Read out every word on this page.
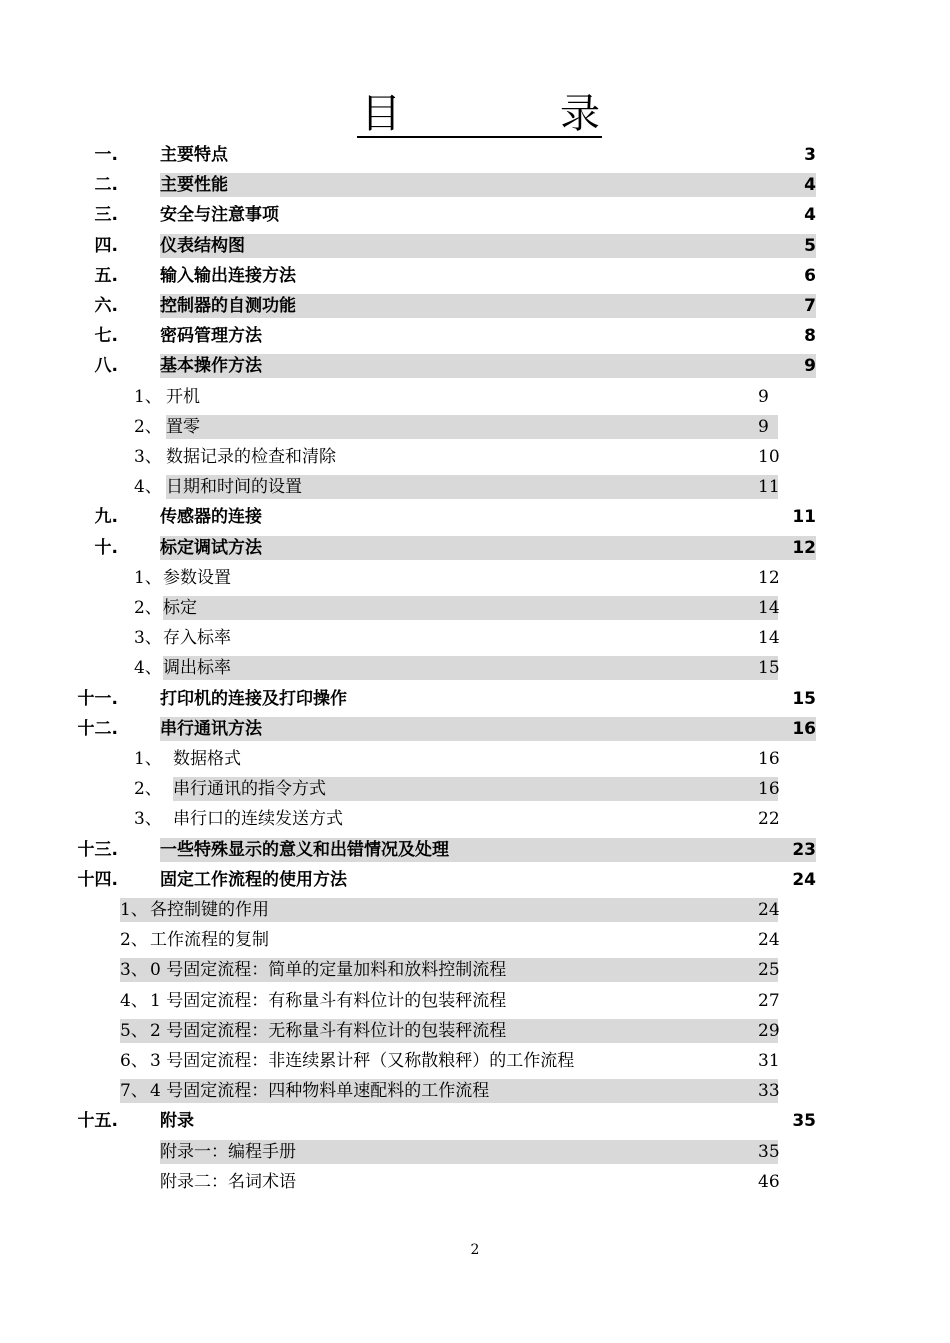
目	录
一. 主要特点	3
二. 主要性能	4
三. 安全与注意事项	4
四. 仪表结构图	5
五. 输入输出连接方法	6
六. 控制器的自测功能	7
七. 密码管理方法	8
八. 基本操作方法	9
1、 开机	9
2、 置零	9
3、 数据记录的检查和清除	10
4、 日期和时间的设置	11
九. 传感器的连接	11
十. 标定调试方法	12
1、 参数设置	12
2、 标定	14
3、 存入标率	14
4、 调出标率	15
十一. 打印机的连接及打印操作	15
十二. 串行通讯方法	16
1、 数据格式	16
2、 串行通讯的指令方式	16
3、 串行口的连续发送方式	22
十三. 一些特殊显示的意义和出错情况及处理	23
十四. 固定工作流程的使用方法	24
1、 各控制键的作用	24
2、 工作流程的复制	24
3、 0 号固定流程：简单的定量加料和放料控制流程	25
4、 1 号固定流程：有称量斗有料位计的包装秤流程	27
5、 2 号固定流程：无称量斗有料位计的包装秤流程	29
6、 3 号固定流程：非连续累计秤（又称散粮秤）的工作流程	31
7、 4 号固定流程：四种物料单速配料的工作流程	33
十五. 附录	35
附录一：编程手册	35
附录二：名词术语	46
2
